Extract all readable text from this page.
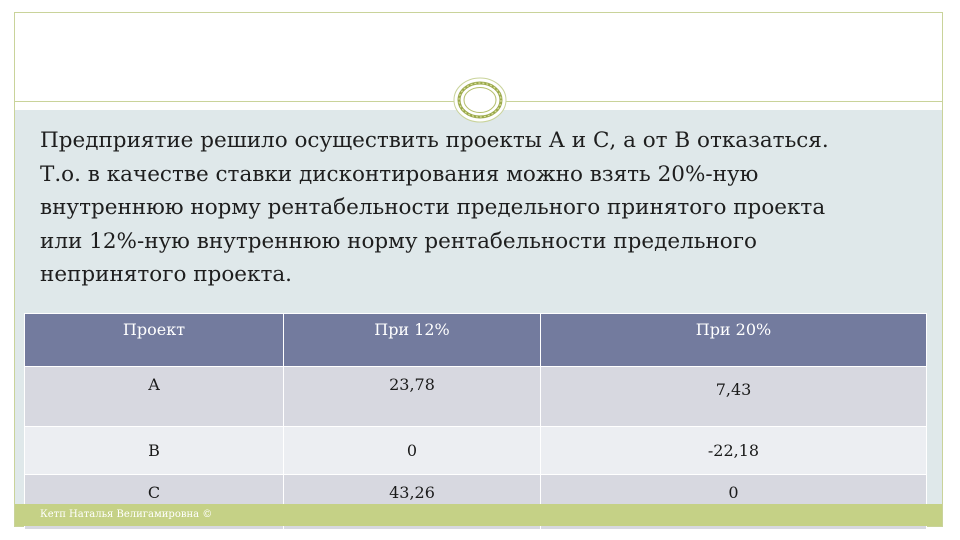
Предприятие решило осуществить проекты А и С, а от В отказаться.
Т.о. в качестве ставки дисконтирования можно взять 20%-ную
внутреннюю норму рентабельности предельного принятого проекта
или 12%-ную внутреннюю норму рентабельности предельного
непринятого проекта.
Проект	При 12%	При 20%
А	23,78	7,43
В	0	-22,18
С	43,26	0
Кетп Наталья Велигамировна ©
